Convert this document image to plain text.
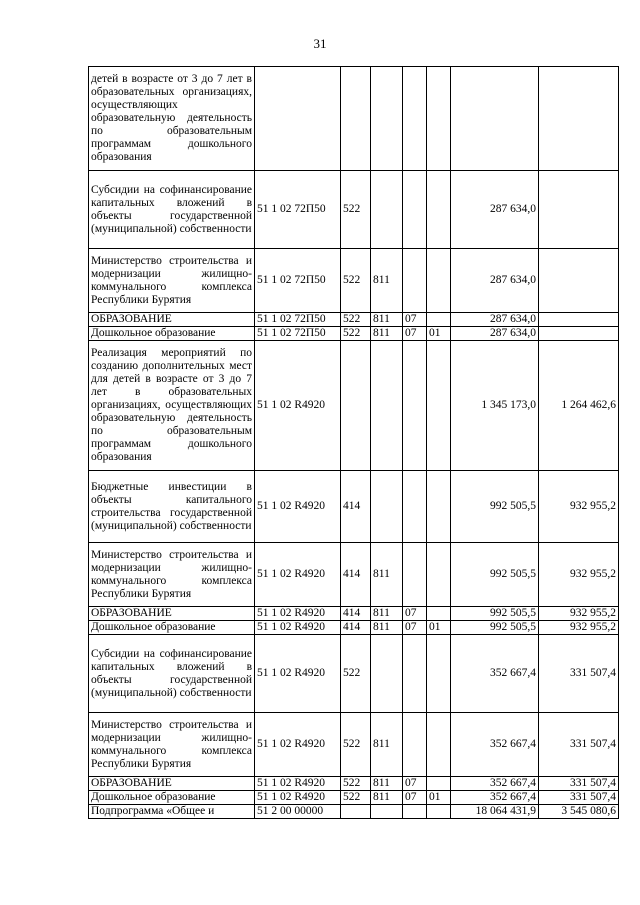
31
детей в возрасте от 3 до 7 лет в образовательных организациях, осуществляющих образовательную деятельность по образовательным программам дошкольного образования							
Субсидии на софинансирование капитальных вложений в объекты государственной (муниципальной) собственности	51 1 02 72П50	522				287 634,0	
Министерство строительства и модернизации жилищно-коммунального комплекса Республики Бурятия	51 1 02 72П50	522	811			287 634,0	
ОБРАЗОВАНИЕ	51 1 02 72П50	522	811	07		287 634,0	
Дошкольное образование	51 1 02 72П50	522	811	07	01	287 634,0	
Реализация мероприятий по созданию дополнительных мест для детей в возрасте от 3 до 7 лет в образовательных организациях, осуществляющих образовательную деятельность по образовательным программам дошкольного образования	51 1 02 R4920					1 345 173,0	1 264 462,6
Бюджетные инвестиции в объекты капитального строительства государственной (муниципальной) собственности	51 1 02 R4920	414				992 505,5	932 955,2
Министерство строительства и модернизации жилищно-коммунального комплекса Республики Бурятия	51 1 02 R4920	414	811			992 505,5	932 955,2
ОБРАЗОВАНИЕ	51 1 02 R4920	414	811	07		992 505,5	932 955,2
Дошкольное образование	51 1 02 R4920	414	811	07	01	992 505,5	932 955,2
Субсидии на софинансирование капитальных вложений в объекты государственной (муниципальной) собственности	51 1 02 R4920	522				352 667,4	331 507,4
Министерство строительства и модернизации жилищно-коммунального комплекса Республики Бурятия	51 1 02 R4920	522	811			352 667,4	331 507,4
ОБРАЗОВАНИЕ	51 1 02 R4920	522	811	07		352 667,4	331 507,4
Дошкольное образование	51 1 02 R4920	522	811	07	01	352 667,4	331 507,4
Подпрограмма «Общее и	51 2 00 00000					18 064 431,9	3 545 080,6
